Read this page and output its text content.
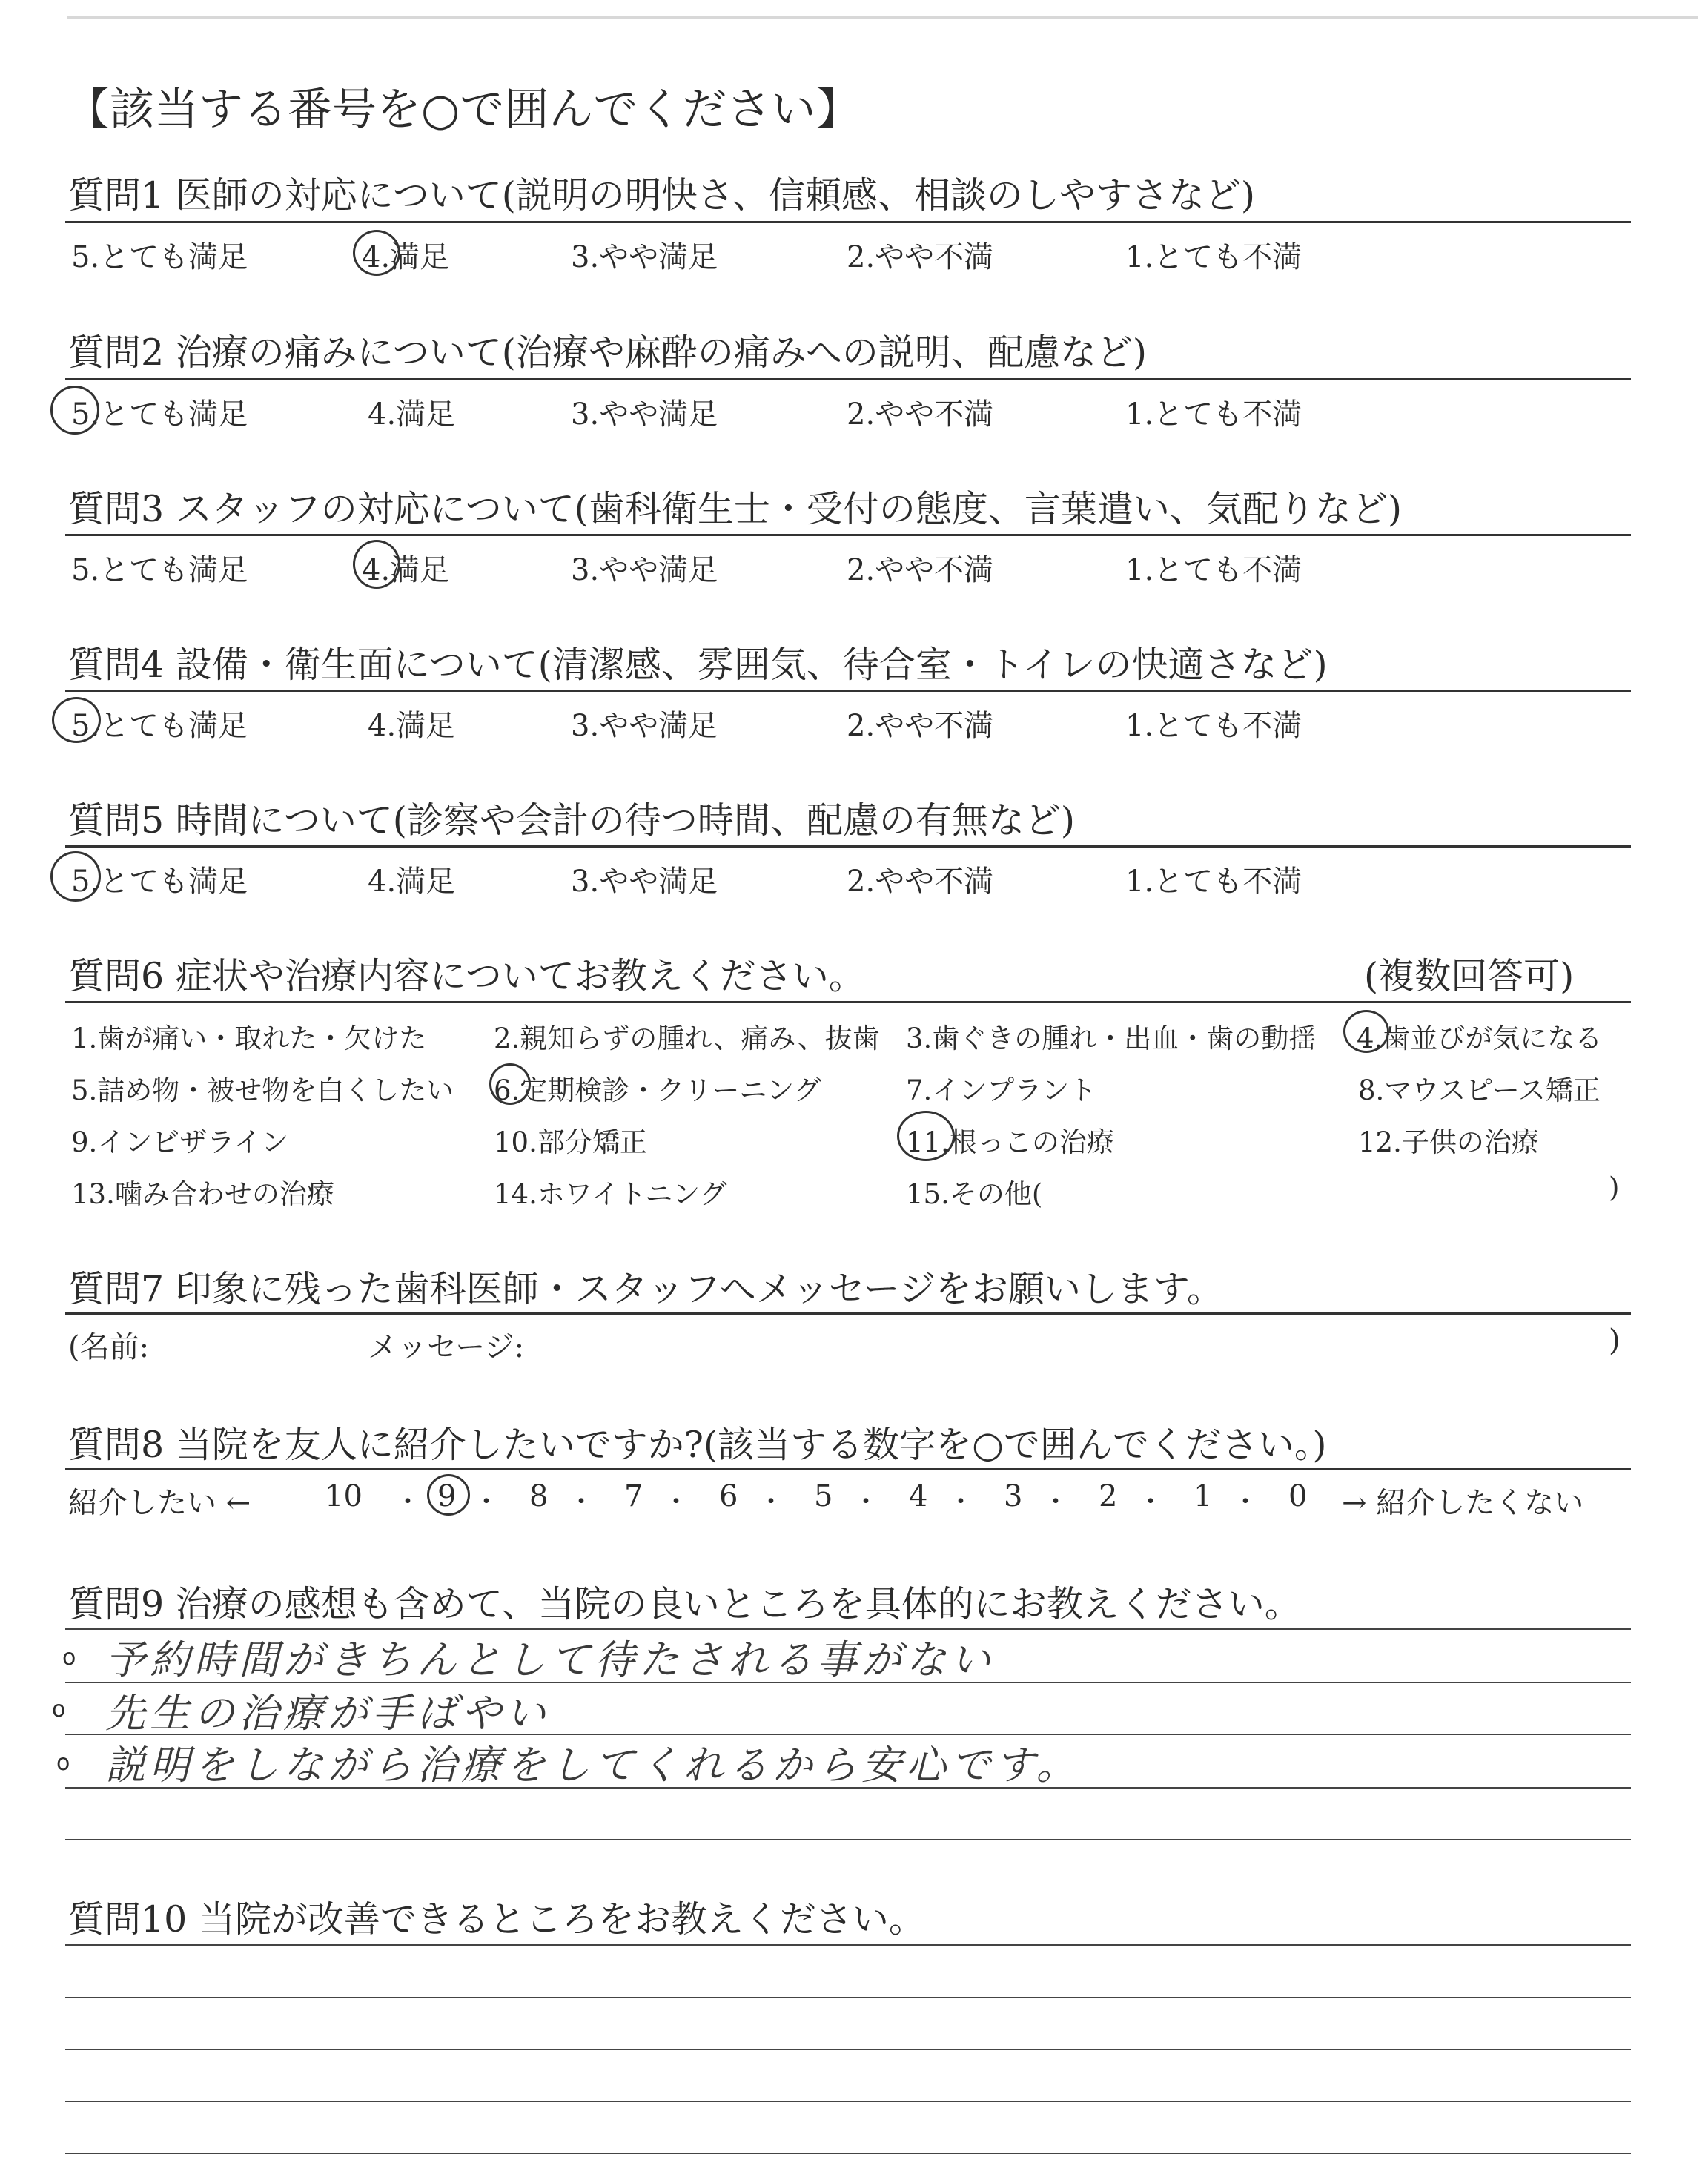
【該当する番号を○で囲んでください】
質問1 医師の対応について(説明の明快さ、信頼感、相談のしやすさなど)
5.とても満足	4.満足	3.やや満足	2.やや不満	1.とても不満
質問2 治療の痛みについて(治療や麻酔の痛みへの説明、配慮など)
5.とても満足	4.満足	3.やや満足	2.やや不満	1.とても不満
質問3 スタッフの対応について(歯科衛生士・受付の態度、言葉遣い、気配りなど)
5.とても満足	4.満足	3.やや満足	2.やや不満	1.とても不満
質問4 設備・衛生面について(清潔感、雰囲気、待合室・トイレの快適さなど)
5.とても満足	4.満足	3.やや満足	2.やや不満	1.とても不満
質問5 時間について(診察や会計の待つ時間、配慮の有無など)
5.とても満足	4.満足	3.やや満足	2.やや不満	1.とても不満
質問6 症状や治療内容についてお教えください。	(複数回答可)
1.歯が痛い・取れた・欠けた 2.親知らずの腫れ、痛み、抜歯 3.歯ぐきの腫れ・出血・歯の動揺 4.歯並びが気になる
5.詰め物・被せ物を白くしたい 6.定期検診・クリーニング	7.インプラント	8.マウスピース矯正
9.インビザライン	10.部分矯正	11.根っこの治療	12.子供の治療
13.噛み合わせの治療	14.ホワイトニング	15.その他(	)
質問7 印象に残った歯科医師・スタッフへメッセージをお願いします。
(名前:	メッセージ:	)
質問8 当院を友人に紹介したいですか?(該当する数字を○で囲んでください。)
紹介したい ← 10 ・ 9 ・ 8 ・ 7 ・ 6 ・ 5 ・ 4 ・ 3 ・ 2 ・ 1 ・ 0 → 紹介したくない
質問9 治療の感想も含めて、当院の良いところを具体的にお教えください。
o 予約時間がきちんとして待たされる事がない
o 先生の治療が手ばやい
o 説明をしながら治療をしてくれるから安心です。
質問10 当院が改善できるところをお教えください。
